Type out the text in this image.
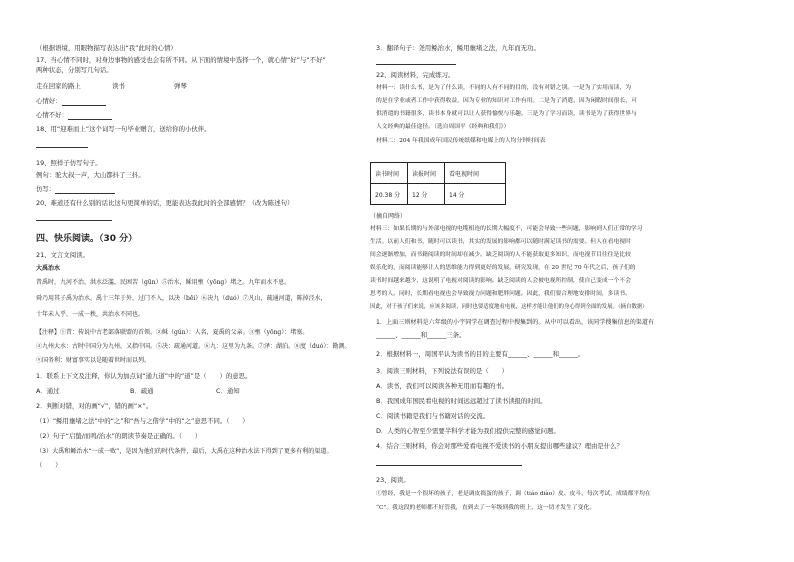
（根据语境，用眼物描写表达出“我”此时的心情）
17、当心情不同时，对身边事物的感受也会有所不同。从下面的情境中选择一个，就心情“好”与“不好”
两种状态，分别写几句话。
走在回家的路上	读书	弹琴
心情好：
心情不好：
18、用“迎难而上”这个词写一句毕业赠言，送给你的小伙伴。
19、照样子仿写句子。
例句：驼大叔一声，大山都抖了三抖。
仿写：
20、难道还有什么别的话比这句更简单的话，更能表达我此时的全部感情？（改为陈述句）
四、快乐阅读。（30 分）
21、文言文阅读。
大禹治水
昔禹时，九河不治，洪水泛滥，民困苦（gūn）⑤治水，稣用壅（yōng）堵之。九年而水不息。
舜乃用其子禹为治水。禹十三年于外，过门不入，以决（bēi）⑥决九（duó）⑦凡山，疏通河道，陈掉泾水，
十年未入乎，一成一秩，共治水不同也。
【注释】①昔：传说中古老部落联盟的首领。②稣（gǔn）：人名，夏禹的父亲。③壅（yōng）：堵塞。
④九州大水：古时中国分为九州，又指中国。⑤决：疏通河道。⑥九：这里为九条。⑦泽：湖泊。⑧度（duó）：勘测。
⑨国务利：财富事实以是随着世时而以列。
1．联系上下文及注释，你认为加点词“通九道”中的“道”是（　　）的意思。
A．通过	B．疏通	C．通知
2．判断对错，对的画“√”，错的画“×”。
（1）“鲧用壅堵之法”中的“之”和“吾与之偕学”中的“之”意思不同。（　　）
（2）句子“启蛰/而鸣/治水”的朗读节奏是正确的。（　　）
（3）大禹和鲧治水“一成一败”，是因为他们的时代条件，最后，大禹在这种治水法下得到了更多有利的渠道。
（　　）
3．翻译句子：尧用鲧治水，鲧用壅堵之法，九年而无功。
22、阅读材料，完成练习。
材料一：读什么书，是为了什么读，不同的人有不同的目的，没有对错之别。一是为了实用而读，为
的是在学业或者工作中获得收益，因为专业的知识对工作有用。二是为了消遣，因为闲暇时间很长，可
供消遣的书籍很多，读书本身就可以让人获得愉悦与乐趣。三是为了学习而读，读书是为了获得世界与
人文经典的最佳途径。（选自周国平《经典和我们》）
材料二：204 年我国成年国民传统纸媒和电媒上的人均分钟时间表
读书时间	读报时间	看电视时间
20.38 分	12 分	14 分
（摘自网络）
材料三：如果长期的与外部电视的电缆相连的长期大幅度不，可能会导致一些问题，影响到人们正常的学习
生活。以前人们和书，随时可以读书，其实的发展的影响都可以随时满足读书的需要。但人在看电视时
间会逐渐增加，而书籍阅读的时间却在减少。缺乏阅读的人不能获取更多知识，而电视节目往往是比较
娱乐化的，而阅读能够让人的思维能力得到更好的发展。研究发现，在 20 世纪 70 年代之后，孩子们的
读书时间越来越少，这说明了电视对阅读的影响。缺乏阅读的人会被电视所控制，使自己变成一个不会
思考的人。同时，长期看电视也会导致视力问题和肥胖问题。因此，我们要合理地安排时间，多读书。
因此，对于孩子们来说，应该多阅读，同时也要适度地看电视，这样才能让他们的身心得到全面的发展。（摘自数据）
1．上面三则材料是六年级的小宇同学在调查过程中搜集到的。从中可以看出，该同学搜集信息的渠道有
______、______和______三条。
2．根据材料一，周国平认为读书的目的主要有______、______和______。
3．阅读三则材料，下列说法有误的是（　　）
A．读书，我们可以阅读各种无用而有趣的书。
B．我国成年国民看电视的时间远远超过了读书读报的时间。
C．阅读书籍是我们与书籍对话的交流。
D．人类的心智至少需要半科学才能为我们提供完整的感觉问题。
4．结合三则材料，你会对那些爱看电视不爱读书的小朋友提出哪些建议？理由是什么？
23、阅读。
①曾经，我是一个很坏的孩子，老是调皮捣蛋的孩子，调（tiáo diào）皮、皮斗、每次考试，成绩都平均在
“C”。我这段的老师都不好管我，直到去了一年级到我的班上，这一切才发生了变化。
